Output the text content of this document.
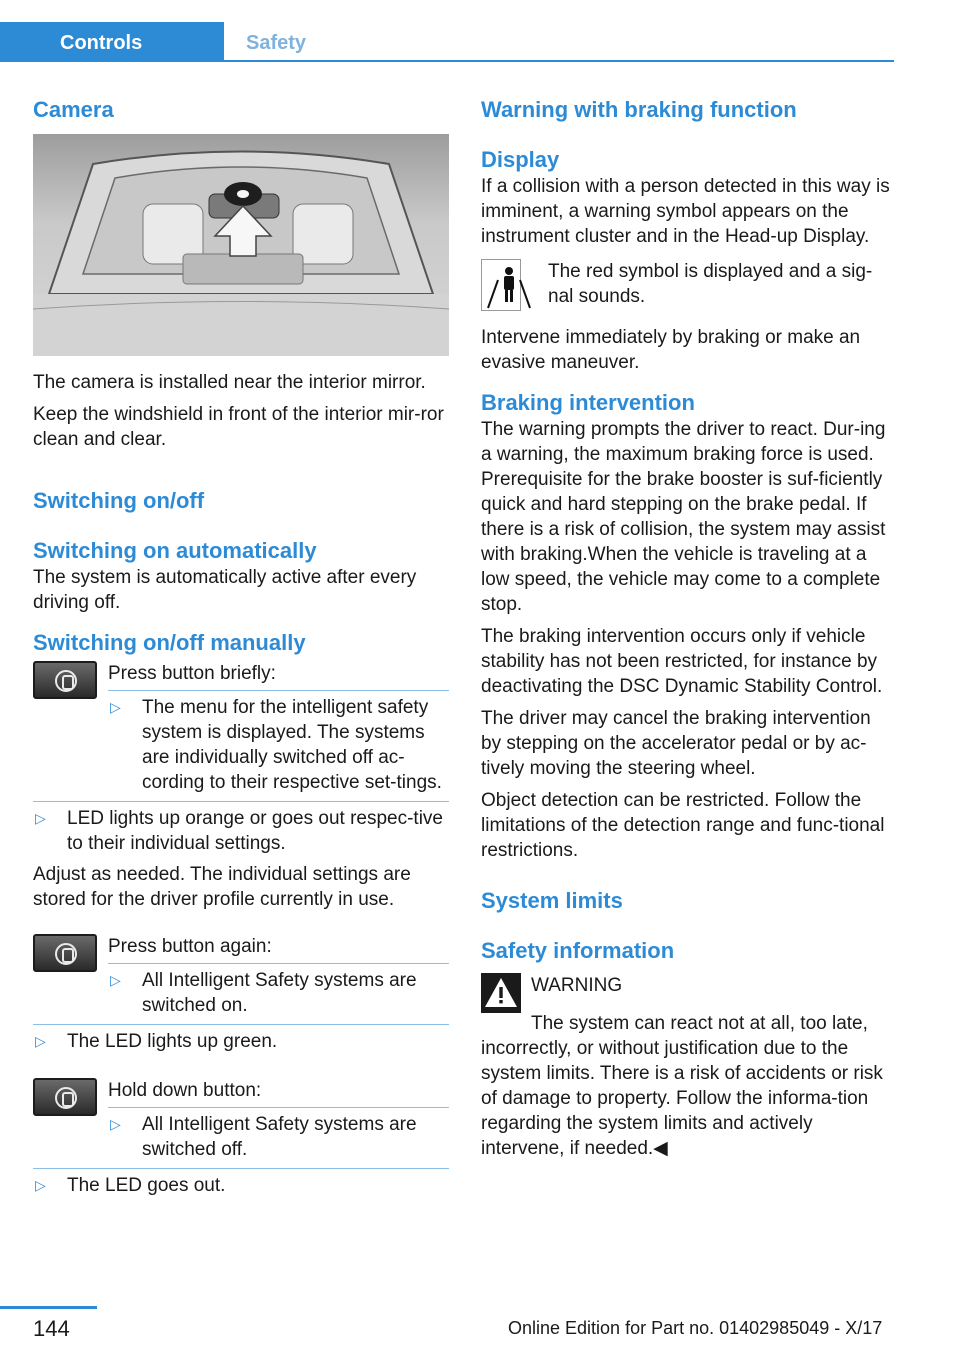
Controls	Safety
Camera

The camera is installed near the interior mirror.

Keep the windshield in front of the interior mir‐ror clean and clear.

Switching on/off
Switching on automatically

The system is automatically active after every driving off.

Switching on/off manually

Press button briefly:

▷	The menu for the intelligent safety system is displayed. The systems are individually switched off ac‐cording to their respective set‐tings.

▷	LED lights up orange or goes out respec‐tive to their individual settings.

Adjust as needed. The individual settings are stored for the driver profile currently in use.

Press button again:

▷	All Intelligent Safety systems are switched on.

▷	The LED lights up green.

Hold down button:

▷	All Intelligent Safety systems are switched off.

▷	The LED goes out.

Warning with braking function
Display

If a collision with a person detected in this way is imminent, a warning symbol appears on the instrument cluster and in the Head-up Display.

The red symbol is displayed and a sig‐nal sounds.

Intervene immediately by braking or make an evasive maneuver.

Braking intervention

The warning prompts the driver to react. Dur‐ing a warning, the maximum braking force is used. Prerequisite for the brake booster is suf‐ficiently quick and hard stepping on the brake pedal. If there is a risk of collision, the system may assist with braking.When the vehicle is traveling at a low speed, the vehicle may come to a complete stop.

The braking intervention occurs only if vehicle stability has not been restricted, for instance by deactivating the DSC Dynamic Stability Control.

The driver may cancel the braking intervention by stepping on the accelerator pedal or by ac‐tively moving the steering wheel.

Object detection can be restricted. Follow the limitations of the detection range and func‐tional restrictions.

System limits
Safety information

WARNING

The system can react not at all, too late, incorrectly, or without justification due to the system limits. There is a risk of accidents or risk of damage to property. Follow the informa‐tion regarding the system limits and actively intervene, if needed.◀

144	Online Edition for Part no. 01402985049 - X/17
